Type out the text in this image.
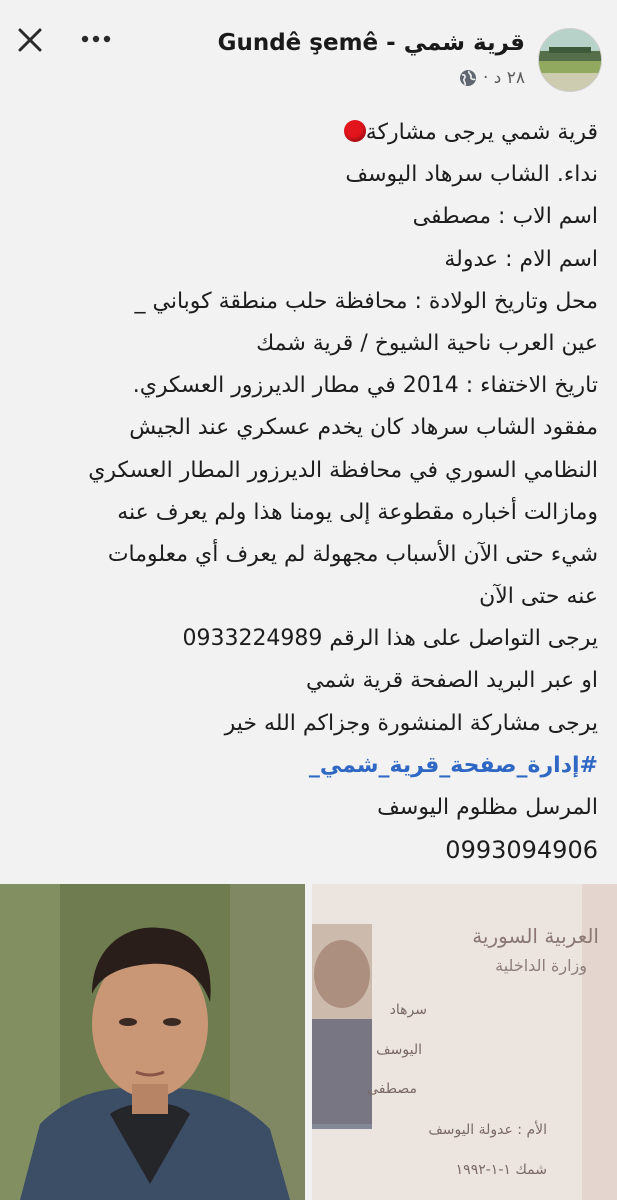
Gundê şemê - قرية شمي
٢٨ د ·
قرية شمي يرجى مشاركة
نداء. الشاب سرهاد اليوسف
اسم الاب : مصطفى
اسم الام : عدولة
محل وتاريخ الولادة : محافظة حلب منطقة كوباني _
عين العرب ناحية الشيوخ / قرية شمك
تاريخ الاختفاء : 2014 في مطار الديرزور العسكري.
مفقود الشاب سرهاد كان يخدم عسكري عند الجيش
النظامي السوري في محافظة الديرزور المطار العسكري
ومازالت أخباره مقطوعة إلى يومنا هذا ولم يعرف عنه
شيء حتى الآن الأسباب مجهولة لم يعرف أي معلومات
عنه حتى الآن
يرجى التواصل على هذا الرقم 0933224989
او عبر البريد الصفحة قرية شمي
يرجى مشاركة المنشورة وجزاكم الله خير
#إدارة_صفحة_قرية_شمي_
المرسل مظلوم اليوسف
0993094906
العربية السورية
وزارة الداخلية
سرهاد
اليوسف
مصطفى
الأم : عدولة اليوسف
شمك ١-١-١٩٩٢
